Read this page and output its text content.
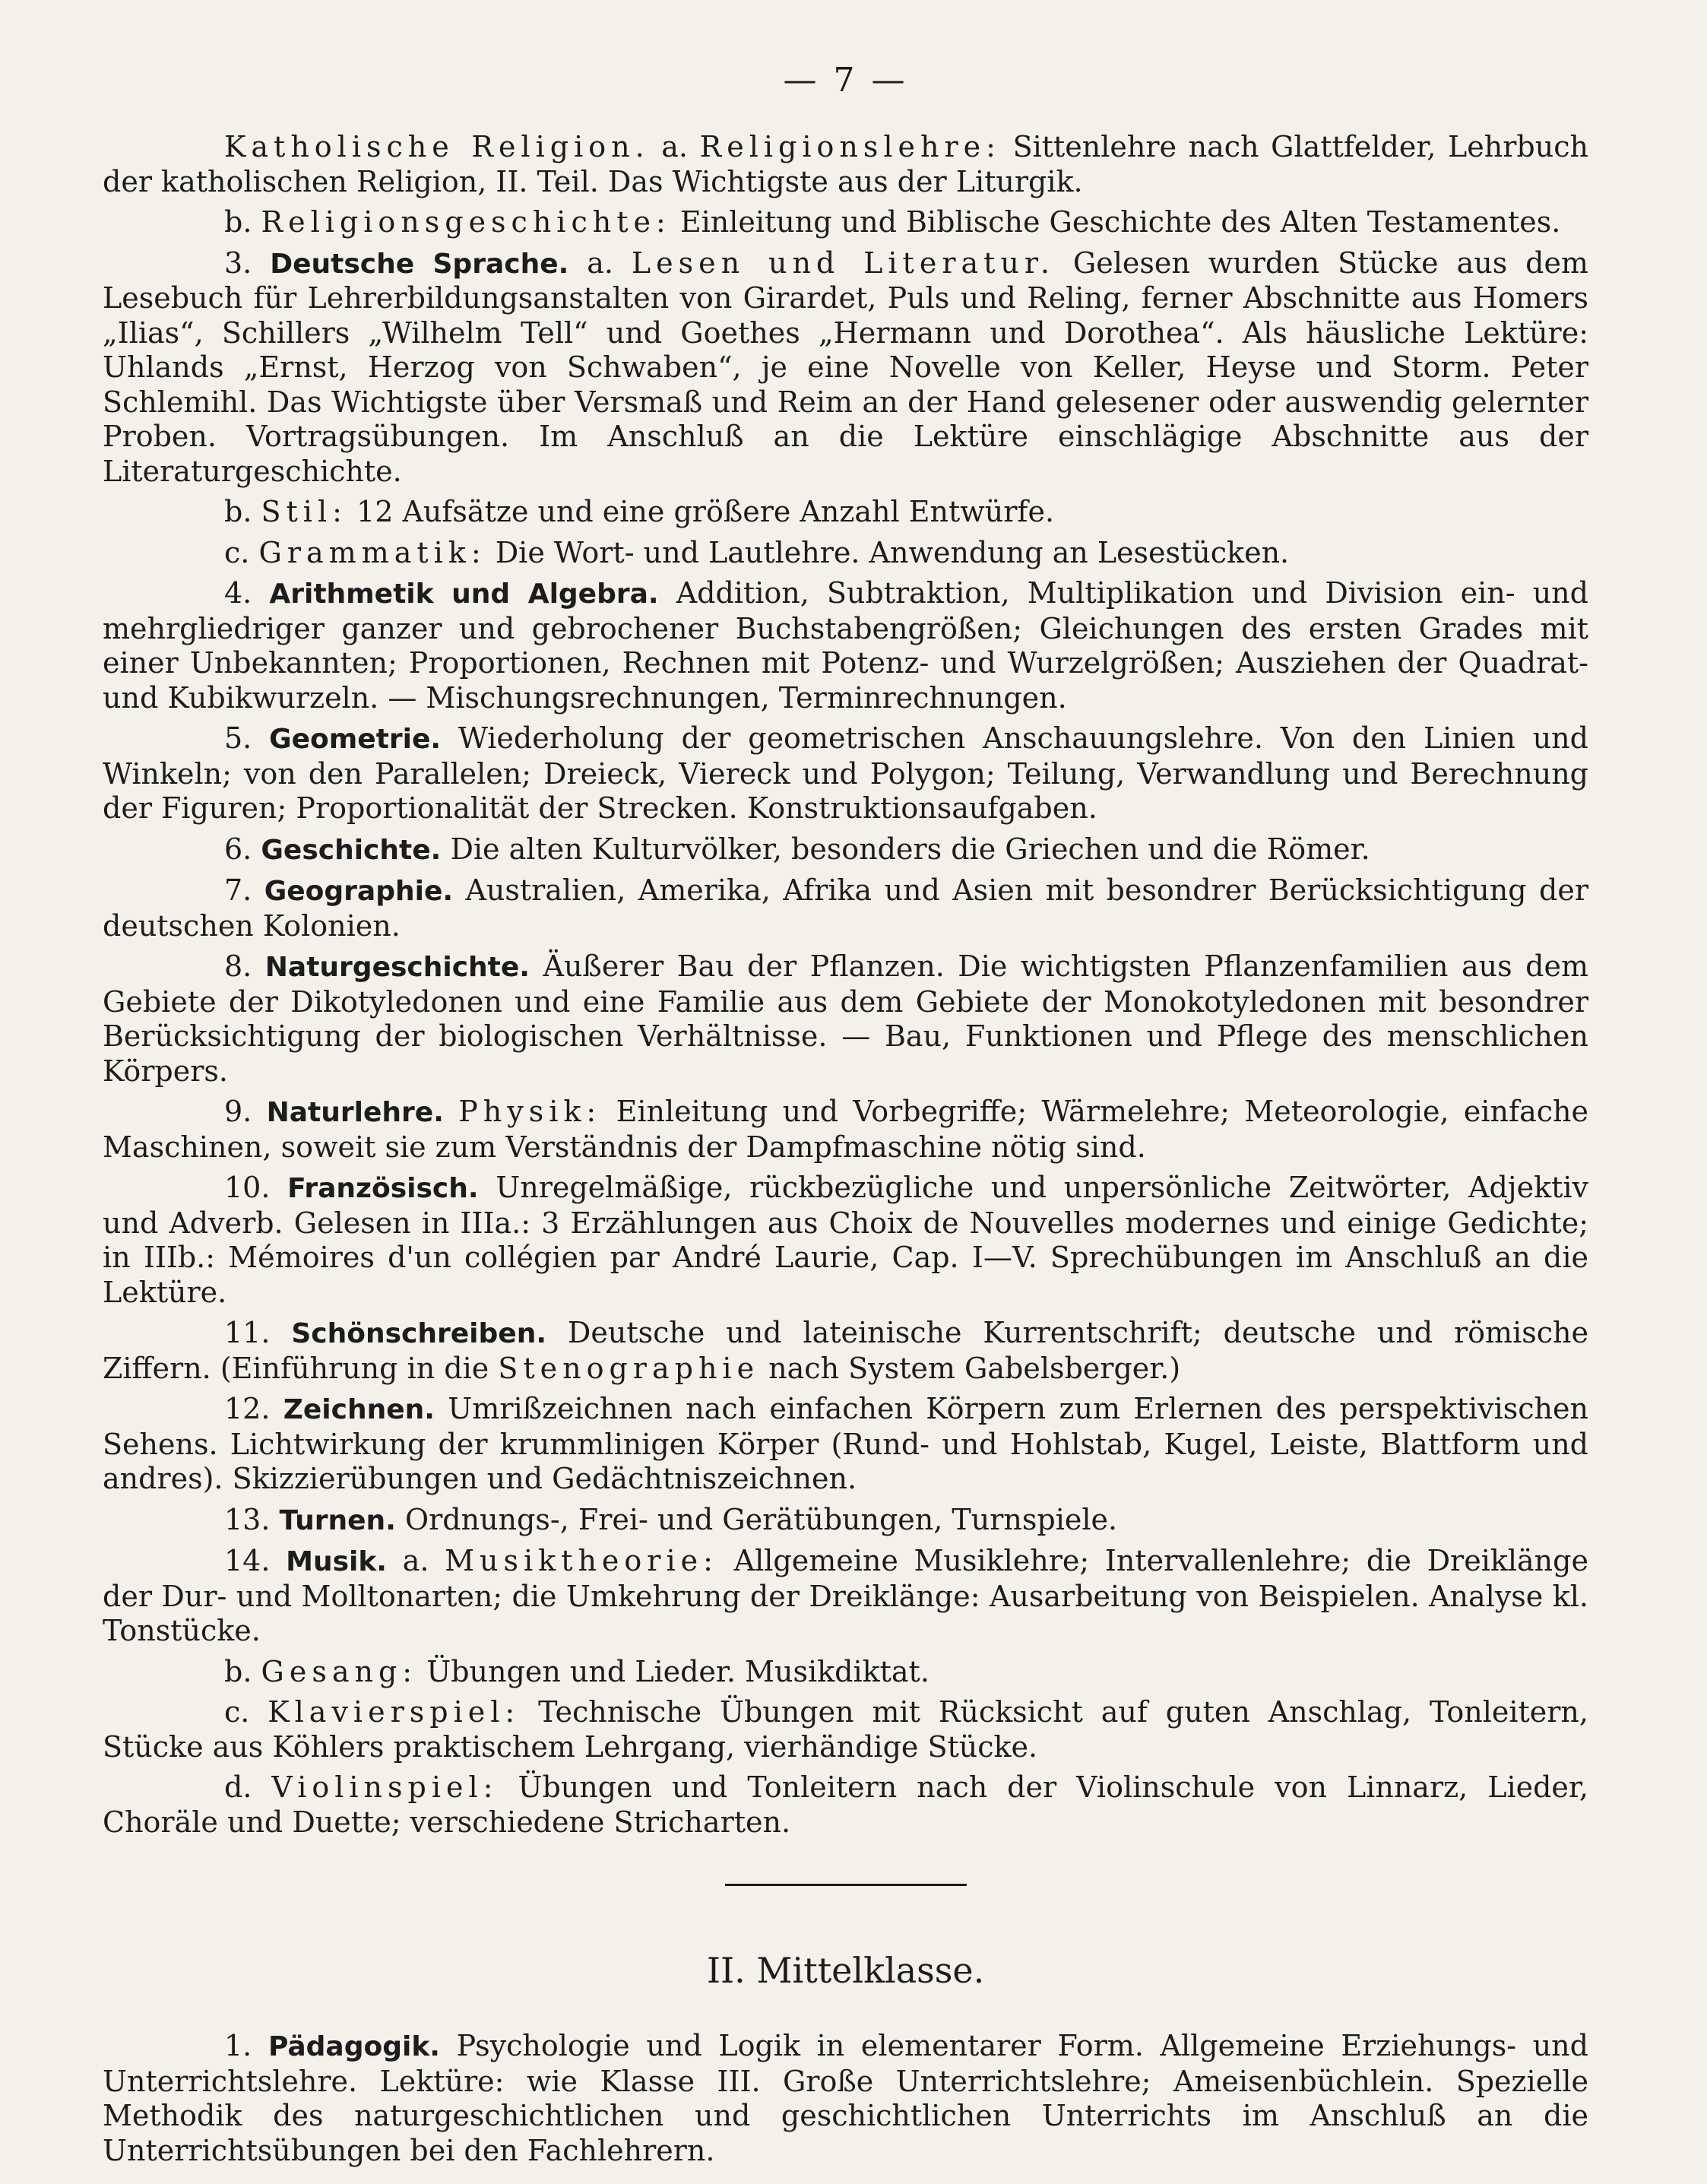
— 7 —

Katholische Religion. a. Religionslehre: Sittenlehre nach Glattfelder, Lehrbuch der katholischen Religion, II. Teil. Das Wichtigste aus der Liturgik.

b. Religionsgeschichte: Einleitung und Biblische Geschichte des Alten Testamentes.

3. Deutsche Sprache. a. Lesen und Literatur. Gelesen wurden Stücke aus dem Lesebuch für Lehrerbildungsanstalten von Girardet, Puls und Reling, ferner Abschnitte aus Homers „Ilias“, Schillers „Wilhelm Tell“ und Goethes „Hermann und Dorothea“. Als häusliche Lektüre: Uhlands „Ernst, Herzog von Schwaben“, je eine Novelle von Keller, Heyse und Storm. Peter Schlemihl. Das Wichtigste über Versmaß und Reim an der Hand gelesener oder auswendig gelernter Proben. Vortragsübungen. Im Anschluß an die Lektüre einschlägige Abschnitte aus der Literaturgeschichte.

b. Stil: 12 Aufsätze und eine größere Anzahl Entwürfe.

c. Grammatik: Die Wort- und Lautlehre. Anwendung an Lesestücken.

4. Arithmetik und Algebra. Addition, Subtraktion, Multiplikation und Division ein- und mehrgliedriger ganzer und gebrochener Buchstabengrößen; Gleichungen des ersten Grades mit einer Unbekannten; Proportionen, Rechnen mit Potenz- und Wurzelgrößen; Ausziehen der Quadrat- und Kubikwurzeln. — Mischungsrechnungen, Terminrechnungen.

5. Geometrie. Wiederholung der geometrischen Anschauungslehre. Von den Linien und Winkeln; von den Parallelen; Dreieck, Viereck und Polygon; Teilung, Verwandlung und Berechnung der Figuren; Proportionalität der Strecken. Konstruktionsaufgaben.

6. Geschichte. Die alten Kulturvölker, besonders die Griechen und die Römer.

7. Geographie. Australien, Amerika, Afrika und Asien mit besondrer Berücksichtigung der deutschen Kolonien.

8. Naturgeschichte. Äußerer Bau der Pflanzen. Die wichtigsten Pflanzenfamilien aus dem Gebiete der Dikotyledonen und eine Familie aus dem Gebiete der Monokotyledonen mit besondrer Berücksichtigung der biologischen Verhältnisse. — Bau, Funktionen und Pflege des menschlichen Körpers.

9. Naturlehre. Physik: Einleitung und Vorbegriffe; Wärmelehre; Meteorologie, einfache Maschinen, soweit sie zum Verständnis der Dampfmaschine nötig sind.

10. Französisch. Unregelmäßige, rückbezügliche und unpersönliche Zeitwörter, Adjektiv und Adverb. Gelesen in IIIa.: 3 Erzählungen aus Choix de Nouvelles modernes und einige Gedichte; in IIIb.: Mémoires d'un collégien par André Laurie, Cap. I—V. Sprechübungen im Anschluß an die Lektüre.

11. Schönschreiben. Deutsche und lateinische Kurrentschrift; deutsche und römische Ziffern. (Einführung in die Stenographie nach System Gabelsberger.)

12. Zeichnen. Umrißzeichnen nach einfachen Körpern zum Erlernen des perspektivischen Sehens. Lichtwirkung der krummlinigen Körper (Rund- und Hohlstab, Kugel, Leiste, Blattform und andres). Skizzierübungen und Gedächtniszeichnen.

13. Turnen. Ordnungs-, Frei- und Gerätübungen, Turnspiele.

14. Musik. a. Musiktheorie: Allgemeine Musiklehre; Intervallenlehre; die Dreiklänge der Dur- und Molltonarten; die Umkehrung der Dreiklänge: Ausarbeitung von Beispielen. Analyse kl. Tonstücke.

b. Gesang: Übungen und Lieder. Musikdiktat.

c. Klavierspiel: Technische Übungen mit Rücksicht auf guten Anschlag, Tonleitern, Stücke aus Köhlers praktischem Lehrgang, vierhändige Stücke.

d. Violinspiel: Übungen und Tonleitern nach der Violinschule von Linnarz, Lieder, Choräle und Duette; verschiedene Stricharten.

II. Mittelklasse.

1. Pädagogik. Psychologie und Logik in elementarer Form. Allgemeine Erziehungs- und Unterrichtslehre. Lektüre: wie Klasse III. Große Unterrichtslehre; Ameisenbüchlein. Spezielle Methodik des naturgeschichtlichen und geschichtlichen Unterrichts im Anschluß an die Unterrichtsübungen bei den Fachlehrern.
